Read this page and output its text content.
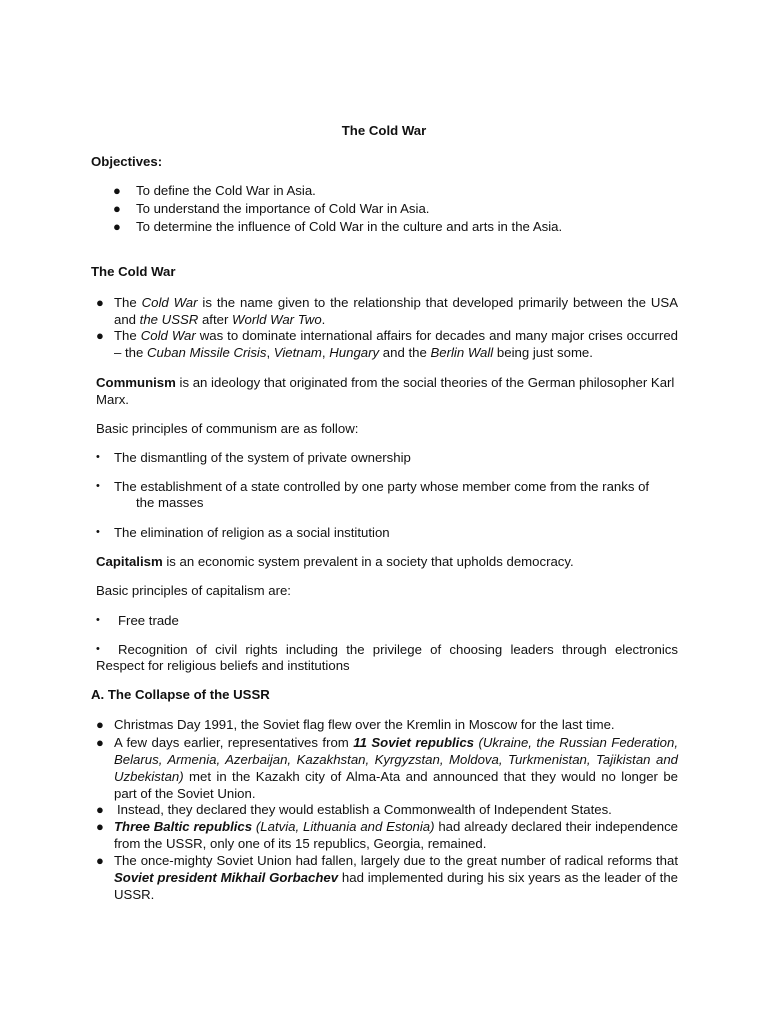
The Cold War
Objectives:
● To define the Cold War in Asia.
● To understand the importance of Cold War in Asia.
● To determine the influence of Cold War in the culture and arts in the Asia.
The Cold War
● The Cold War is the name given to the relationship that developed primarily between the USA and the USSR after World War Two.
● The Cold War was to dominate international affairs for decades and many major crises occurred – the Cuban Missile Crisis, Vietnam, Hungary and the Berlin Wall being just some.
Communism is an ideology that originated from the social theories of the German philosopher Karl Marx.
Basic principles of communism are as follow:
• The dismantling of the system of private ownership
• The establishment of a state controlled by one party whose member come from the ranks of
the masses
• The elimination of religion as a social institution
Capitalism is an economic system prevalent in a society that upholds democracy.
Basic principles of capitalism are:
• Free trade
• Recognition of civil rights including the privilege of choosing leaders through electronics
Respect for religious beliefs and institutions
A. The Collapse of the USSR
● Christmas Day 1991, the Soviet flag flew over the Kremlin in Moscow for the last time.
● A few days earlier, representatives from 11 Soviet republics (Ukraine, the Russian Federation, Belarus, Armenia, Azerbaijan, Kazakhstan, Kyrgyzstan, Moldova, Turkmenistan, Tajikistan and Uzbekistan) met in the Kazakh city of Alma-Ata and announced that they would no longer be part of the Soviet Union.
● Instead, they declared they would establish a Commonwealth of Independent States.
● Three Baltic republics (Latvia, Lithuania and Estonia) had already declared their independence from the USSR, only one of its 15 republics, Georgia, remained.
● The once-mighty Soviet Union had fallen, largely due to the great number of radical reforms that Soviet president Mikhail Gorbachev had implemented during his six years as the leader of the USSR.
